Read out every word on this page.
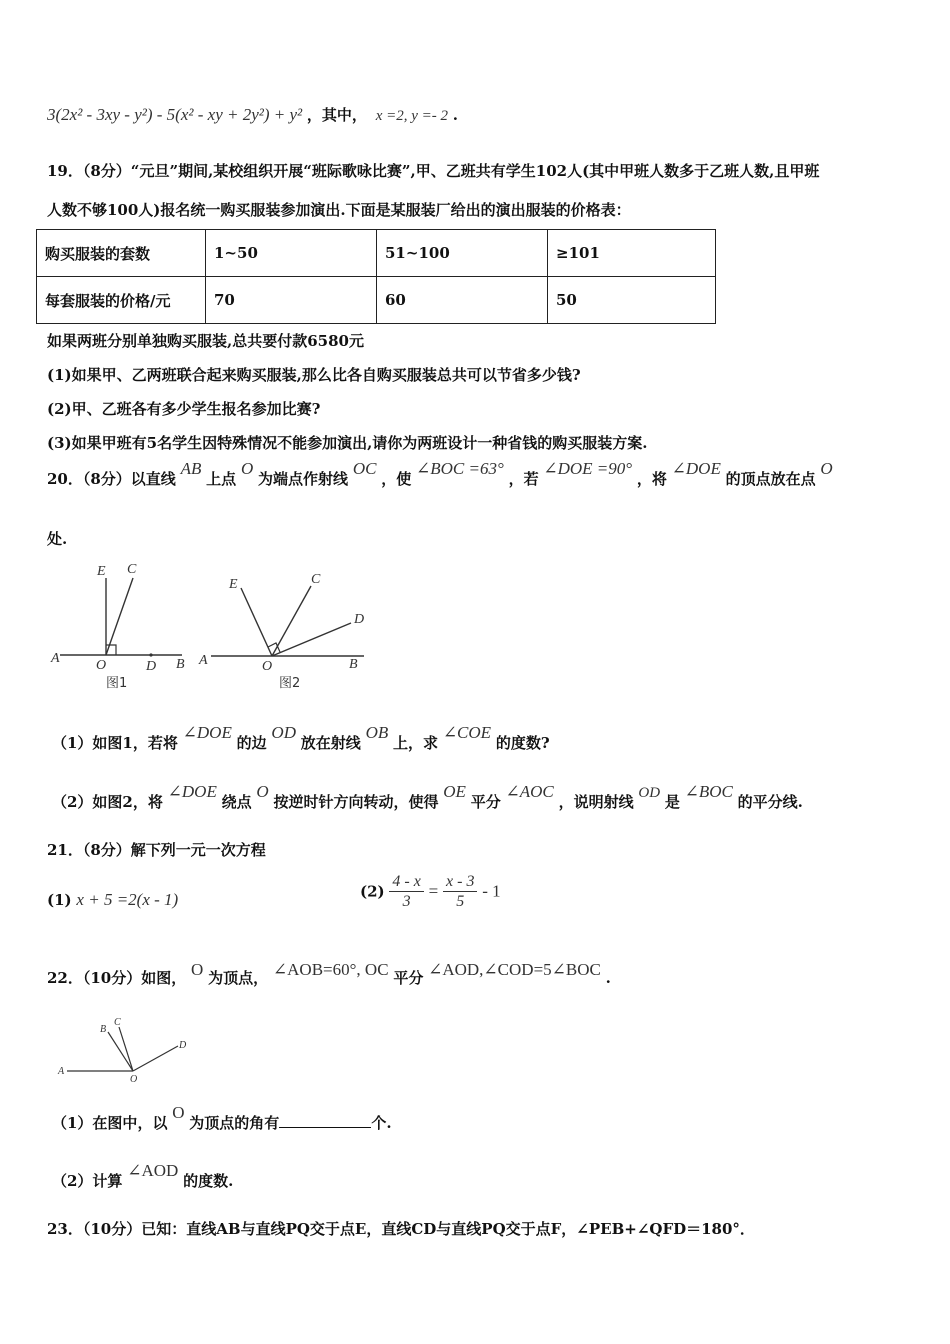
3(2x² - 3xy - y²) - 5(x² - xy + 2y²) + y² ，其中， x =2, y =- 2 .
19．（8分）“元旦”期间,某校组织开展“班际歌咏比赛”,甲、乙班共有学生102人(其中甲班人数多于乙班人数,且甲班
人数不够100人)报名统一购买服装参加演出.下面是某服装厂给出的演出服装的价格表：
购买服装的套数	1~50	51~100	≥101
每套服装的价格/元	70	60	50
如果两班分别单独购买服装,总共要付款6580元
(1)如果甲、乙两班联合起来购买服装,那么比各自购买服装总共可以节省多少钱?
(2)甲、乙班各有多少学生报名参加比赛?
(3)如果甲班有5名学生因特殊情况不能参加演出,请你为两班设计一种省钱的购买服装方案.
20．（8分）以直线 AB 上点 O 为端点作射线 OC ，使 ∠BOC =63° ，若 ∠DOE =90° ，将 ∠DOE 的顶点放在点 O
处.
E C
A	O	D B
图1
E	C
D
A	O	B
图2
（1）如图1，若将 ∠DOE 的边 OD 放在射线 OB 上，求 ∠COE 的度数?
（2）如图2，将 ∠DOE 绕点 O 按逆时针方向转动，使得 OE 平分 ∠AOC ，说明射线 OD 是 ∠BOC 的平分线.
21．（8分）解下列一元一次方程
(1) x + 5 =2(x - 1)	$(2) \frac{4 - x}{3} = \frac{x - 3}{5} - 1$
22．（10分）如图， O 为顶点， ∠AOB=60°, OC 平分 ∠AOD,∠COD=5∠BOC .
A
B
C
D
O
（1）在图中，以 O 为顶点的角有	个.
（2）计算 ∠AOD 的度数.
23．（10分）已知：直线AB与直线PQ交于点E，直线CD与直线PQ交于点F，∠PEB+∠QFD＝180°．
